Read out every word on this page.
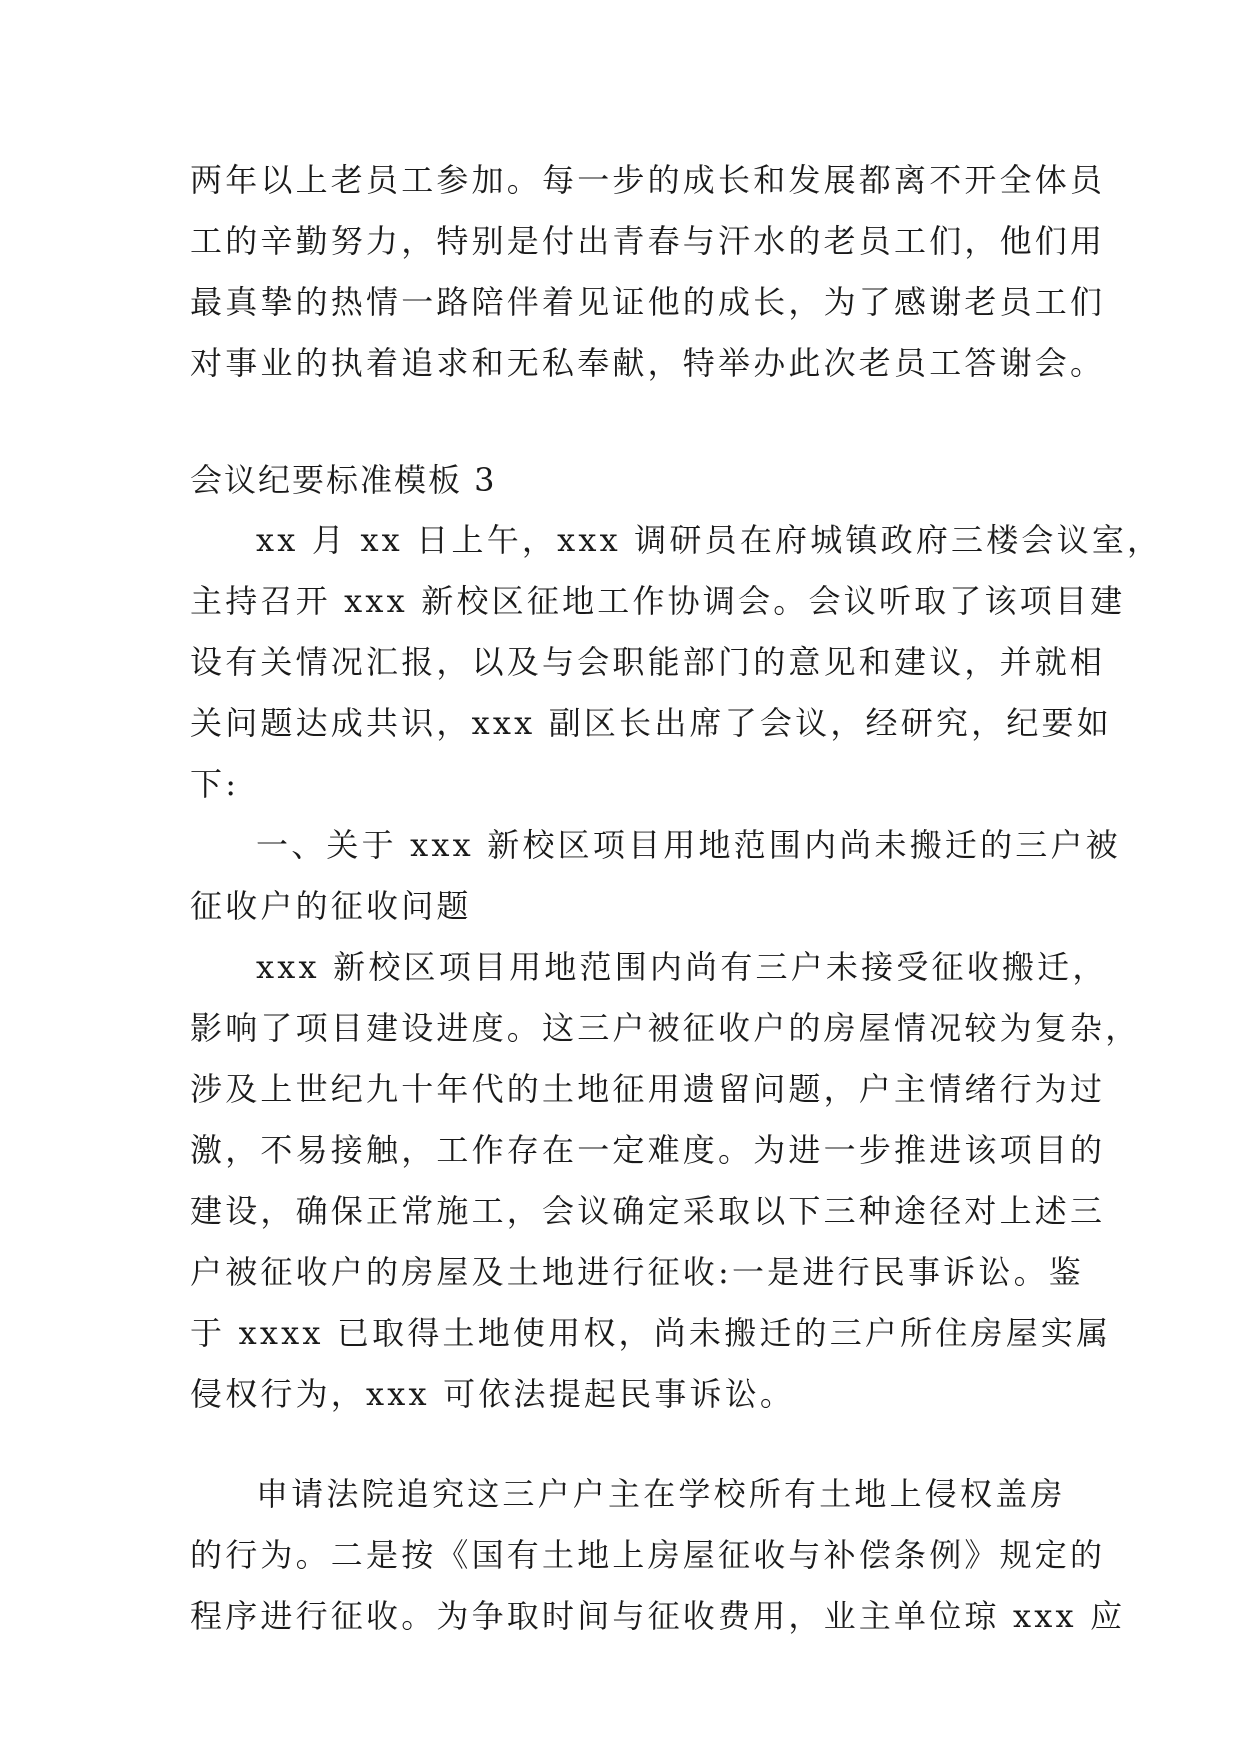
两年以上老员工参加。每一步的成长和发展都离不开全体员
工的辛勤努力，特别是付出青春与汗水的老员工们，他们用
最真挚的热情一路陪伴着见证他的成长，为了感谢老员工们
对事业的执着追求和无私奉献，特举办此次老员工答谢会。
会议纪要标准模板 3
xx 月 xx 日上午，xxx 调研员在府城镇政府三楼会议室，
主持召开 xxx 新校区征地工作协调会。会议听取了该项目建
设有关情况汇报，以及与会职能部门的意见和建议，并就相
关问题达成共识，xxx 副区长出席了会议，经研究，纪要如
下:
一、关于 xxx 新校区项目用地范围内尚未搬迁的三户被
征收户的征收问题
xxx 新校区项目用地范围内尚有三户未接受征收搬迁，
影响了项目建设进度。这三户被征收户的房屋情况较为复杂，
涉及上世纪九十年代的土地征用遗留问题，户主情绪行为过
激，不易接触，工作存在一定难度。为进一步推进该项目的
建设，确保正常施工，会议确定采取以下三种途径对上述三
户被征收户的房屋及土地进行征收:一是进行民事诉讼。鉴
于 xxxx 已取得土地使用权，尚未搬迁的三户所住房屋实属
侵权行为，xxx 可依法提起民事诉讼。
申请法院追究这三户户主在学校所有土地上侵权盖房
的行为。二是按《国有土地上房屋征收与补偿条例》规定的
程序进行征收。为争取时间与征收费用，业主单位琼 xxx 应
